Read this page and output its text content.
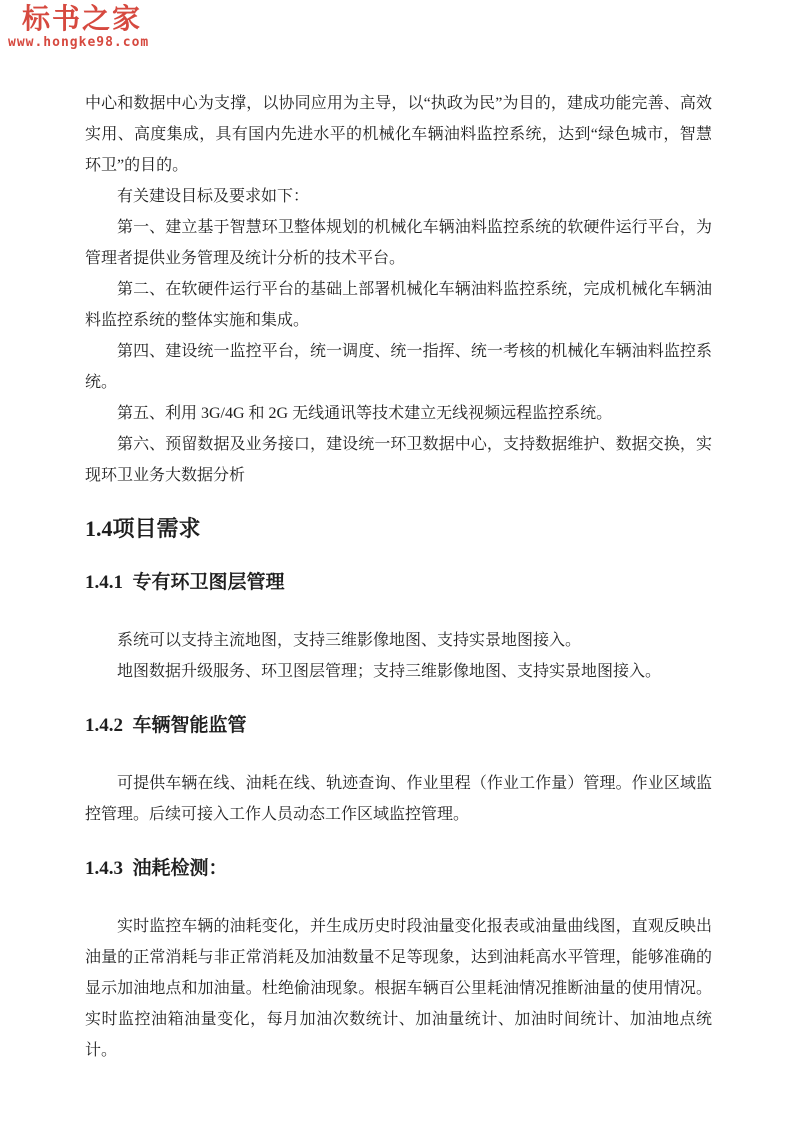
标书之家
www.hongke98.com

中心和数据中心为支撑，以协同应用为主导，以“执政为民”为目的，建成功能完善、高效实用、高度集成，具有国内先进水平的机械化车辆油料监控系统，达到“绿色城市，智慧环卫”的目的。

有关建设目标及要求如下：

第一、建立基于智慧环卫整体规划的机械化车辆油料监控系统的软硬件运行平台，为管理者提供业务管理及统计分析的技术平台。

第二、在软硬件运行平台的基础上部署机械化车辆油料监控系统，完成机械化车辆油料监控系统的整体实施和集成。

第四、建设统一监控平台，统一调度、统一指挥、统一考核的机械化车辆油料监控系统。

第五、利用 3G/4G 和 2G 无线通讯等技术建立无线视频远程监控系统。

第六、预留数据及业务接口，建设统一环卫数据中心，支持数据维护、数据交换，实现环卫业务大数据分析

1.4项目需求
1.4.1  专有环卫图层管理

系统可以支持主流地图，支持三维影像地图、支持实景地图接入。

地图数据升级服务、环卫图层管理；支持三维影像地图、支持实景地图接入。

1.4.2  车辆智能监管

可提供车辆在线、油耗在线、轨迹查询、作业里程（作业工作量）管理。作业区域监控管理。后续可接入工作人员动态工作区域监控管理。

1.4.3  油耗检测：

实时监控车辆的油耗变化，并生成历史时段油量变化报表或油量曲线图，直观反映出油量的正常消耗与非正常消耗及加油数量不足等现象，达到油耗高水平管理，能够准确的显示加油地点和加油量。杜绝偷油现象。根据车辆百公里耗油情况推断油量的使用情况。实时监控油箱油量变化，每月加油次数统计、加油量统计、加油时间统计、加油地点统计。
